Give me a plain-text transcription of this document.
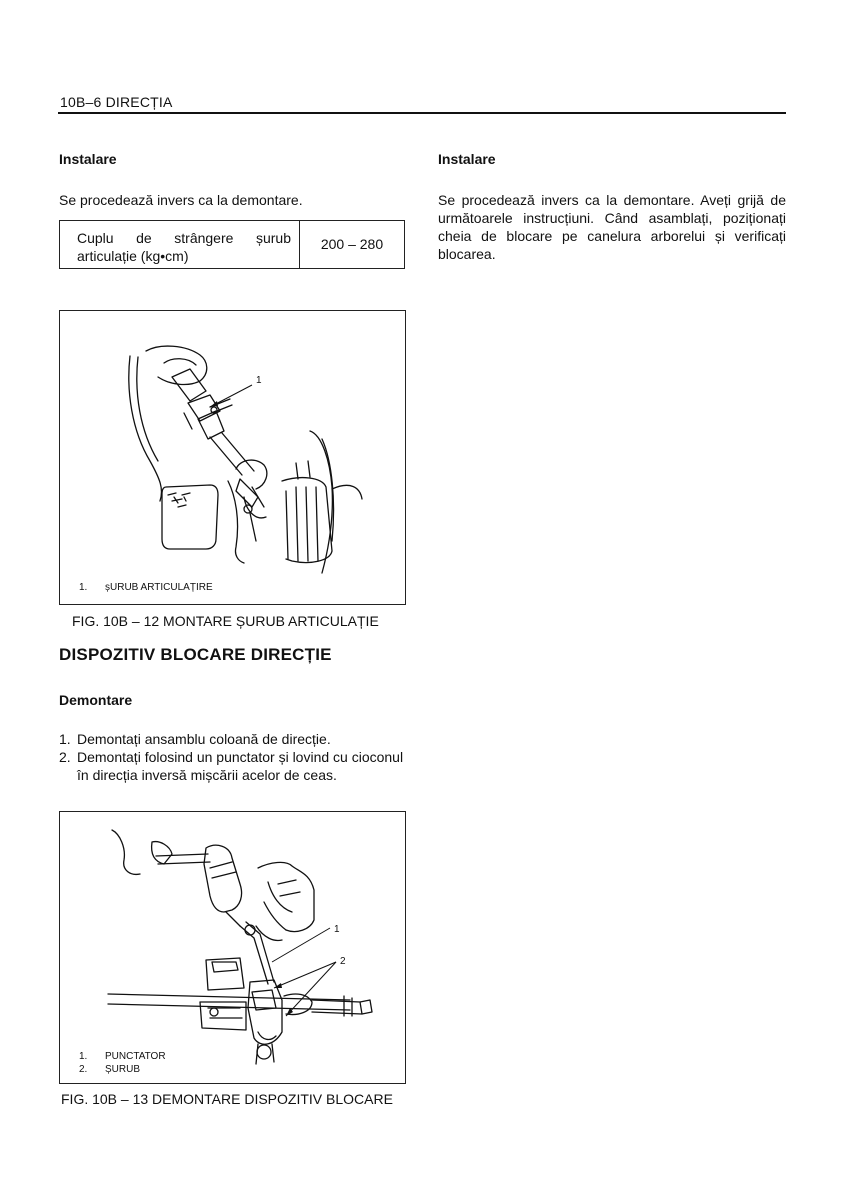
10B–6 DIRECȚIA
Instalare
Se procedează invers ca la demontare.
Cuplu de strângere șurub
articulație (kg•cm)
200 – 280
1
1. șURUB ARTICULAȚIRE
FIG. 10B – 12 MONTARE ȘURUB ARTICULAȚIE
DISPOZITIV BLOCARE DIRECȚIE
Demontare
1. Demontați ansamblu coloană de direcție.
2. Demontați folosind un punctator și lovind cu cioconul în direcția inversă mișcării acelor de ceas.
1
2
1. PUNCTATOR
2. ȘURUB
FIG. 10B – 13 DEMONTARE DISPOZITIV BLOCARE
Instalare
Se procedează invers ca la demontare. Aveți grijă de următoarele instrucțiuni. Când asamblați, poziționați cheia de blocare pe canelura arborelui și verificați blocarea.
